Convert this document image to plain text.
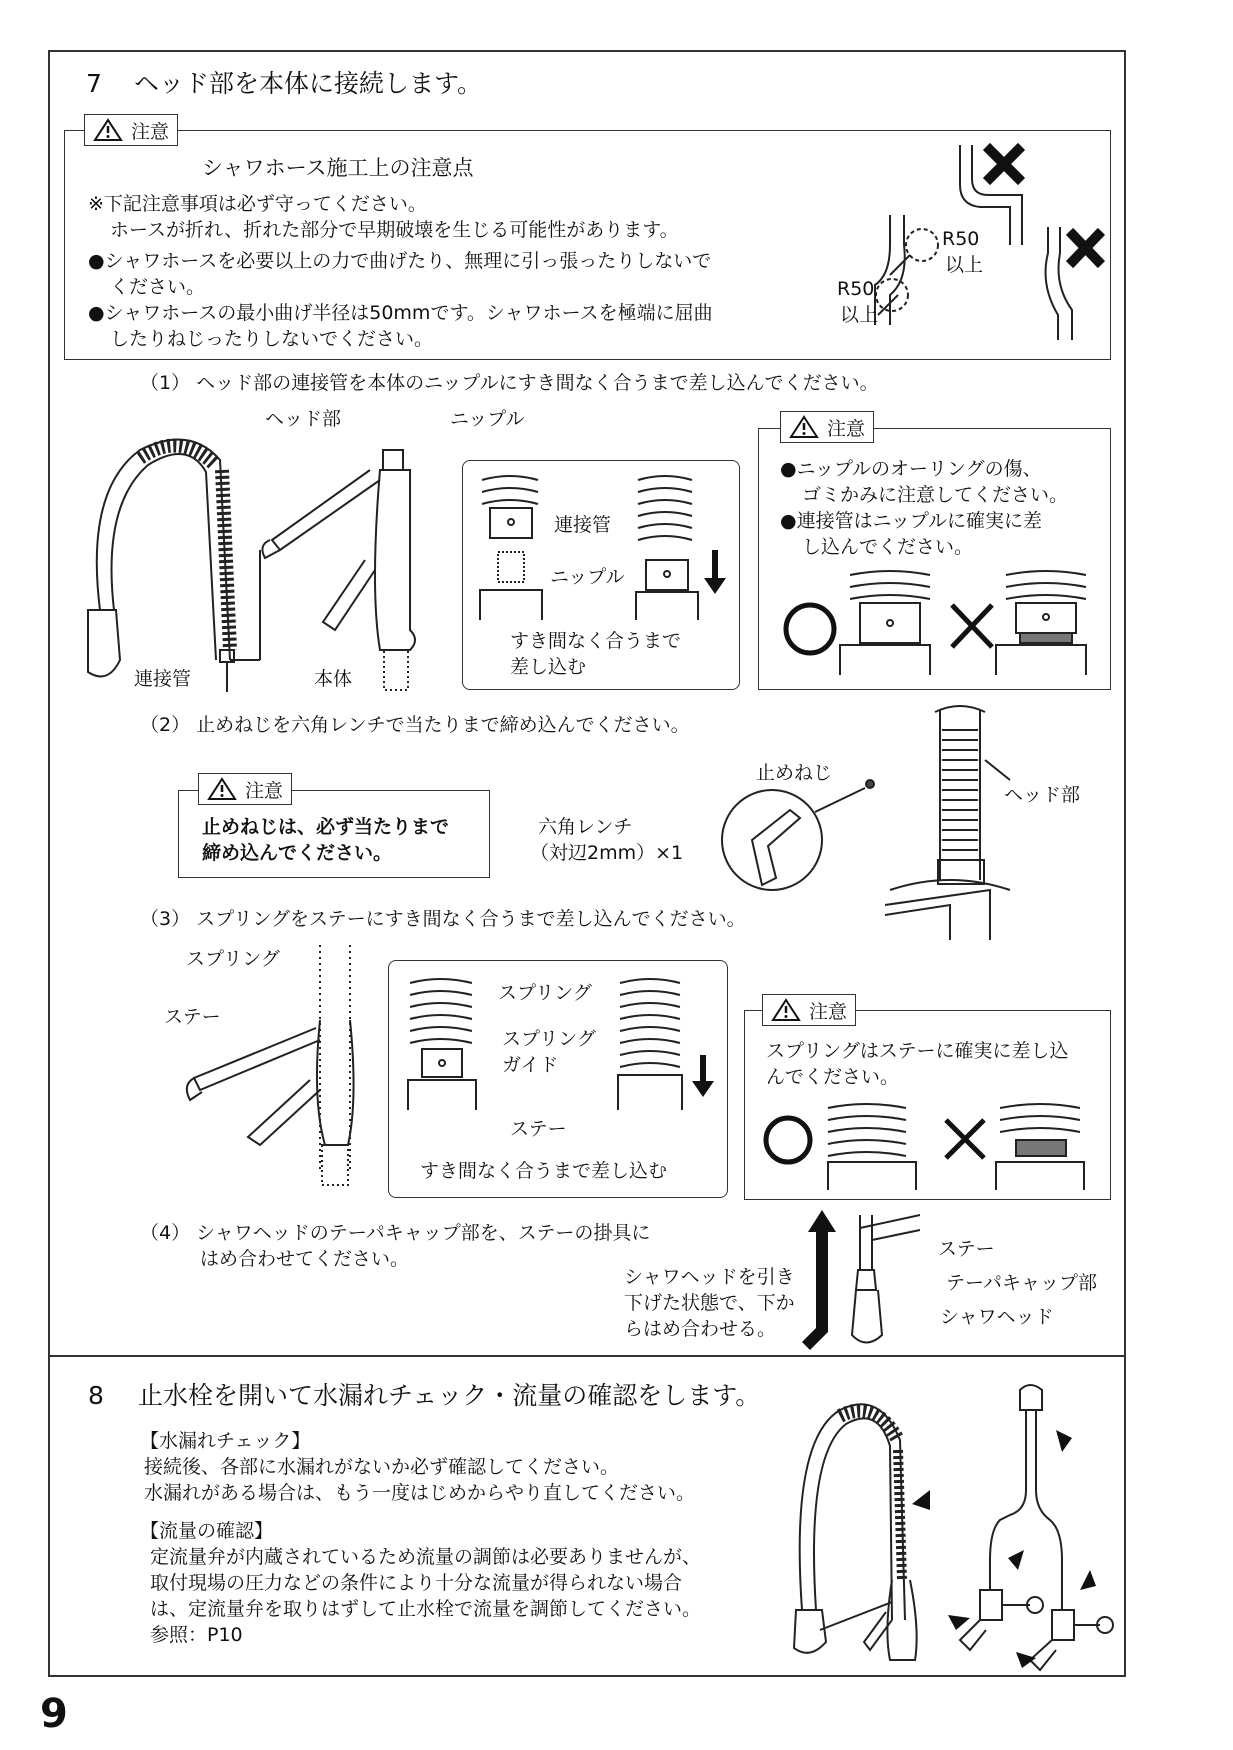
7 ヘッド部を本体に接続します。
注意
シャワホース施工上の注意点
※下記注意事項は必ず守ってください。
ホースが折れ、折れた部分で早期破壊を生じる可能性があります。
●シャワホースを必要以上の力で曲げたり、無理に引っ張ったりしないで
ください。
●シャワホースの最小曲げ半径は50mmです。シャワホースを極端に屈曲
したりねじったりしないでください。
R50
以上
R50
以上
（1） ヘッド部の連接管を本体のニップルにすき間なく合うまで差し込んでください。
ヘッド部	ニップル
連接管	本体
連接管
ニップル
すき間なく合うまで
差し込む
注意
●ニップルのオーリングの傷、
ゴミかみに注意してください。
●連接管はニップルに確実に差
し込んでください。
（2） 止めねじを六角レンチで当たりまで締め込んでください。
注意
止めねじは、必ず当たりまで
締め込んでください。
六角レンチ
（対辺2mm）×1
止めねじ
ヘッド部
（3） スプリングをステーにすき間なく合うまで差し込んでください。
スプリング
ステー
スプリング
スプリング
ガイド
ステー
すき間なく合うまで差し込む
注意
スプリングはステーに確実に差し込
んでください。
（4） シャワヘッドのテーパキャップ部を、ステーの掛具に
はめ合わせてください。
シャワヘッドを引き
下げた状態で、下か
らはめ合わせる。
ステー
テーパキャップ部
シャワヘッド
8 止水栓を開いて水漏れチェック・流量の確認をします。
【水漏れチェック】
接続後、各部に水漏れがないか必ず確認してください。
水漏れがある場合は、もう一度はじめからやり直してください。
【流量の確認】
定流量弁が内蔵されているため流量の調節は必要ありませんが、
取付現場の圧力などの条件により十分な流量が得られない場合
は、定流量弁を取りはずして止水栓で流量を調節してください。
参照：P10
9
